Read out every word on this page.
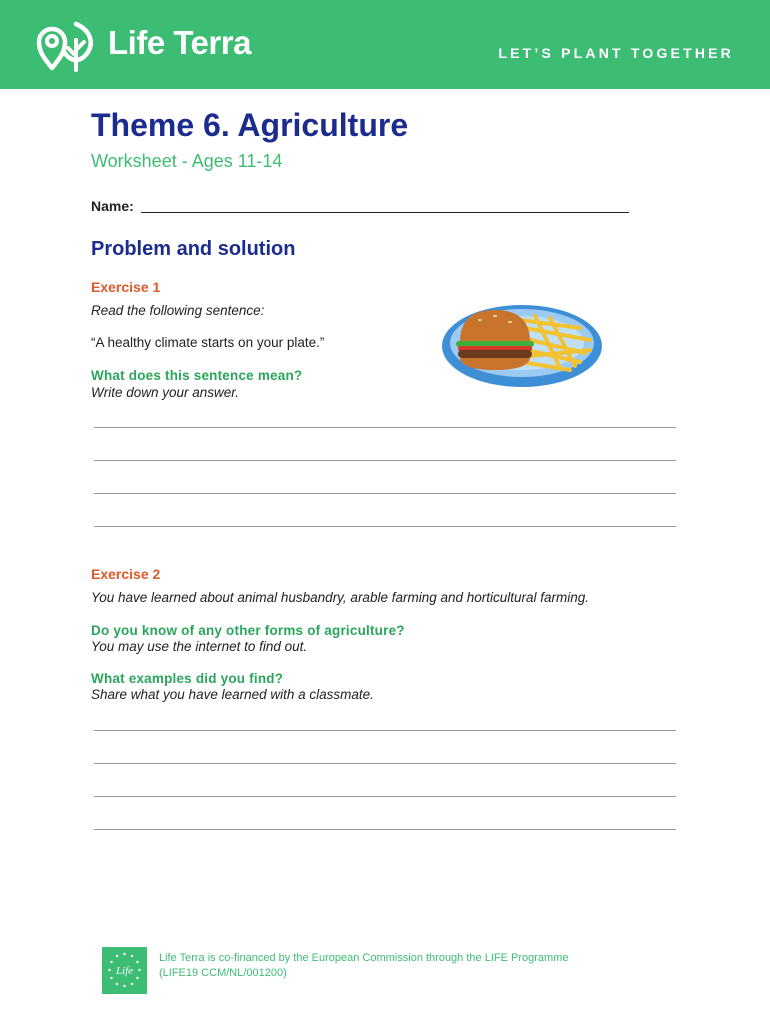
Life Terra	LET’S PLANT TOGETHER
Theme 6. Agriculture
Worksheet - Ages 11-14
Name:
Problem and solution
Exercise 1
Read the following sentence:
“A healthy climate starts on your plate.”
What does this sentence mean?
Write down your answer.
Exercise 2
You have learned about animal husbandry, arable farming and horticultural farming.
Do you know of any other forms of agriculture?
You may use the internet to find out.
What examples did you find?
Share what you have learned with a classmate.
Life
Life Terra is co-financed by the European Commission through the LIFE Programme
(LIFE19 CCM/NL/001200)
